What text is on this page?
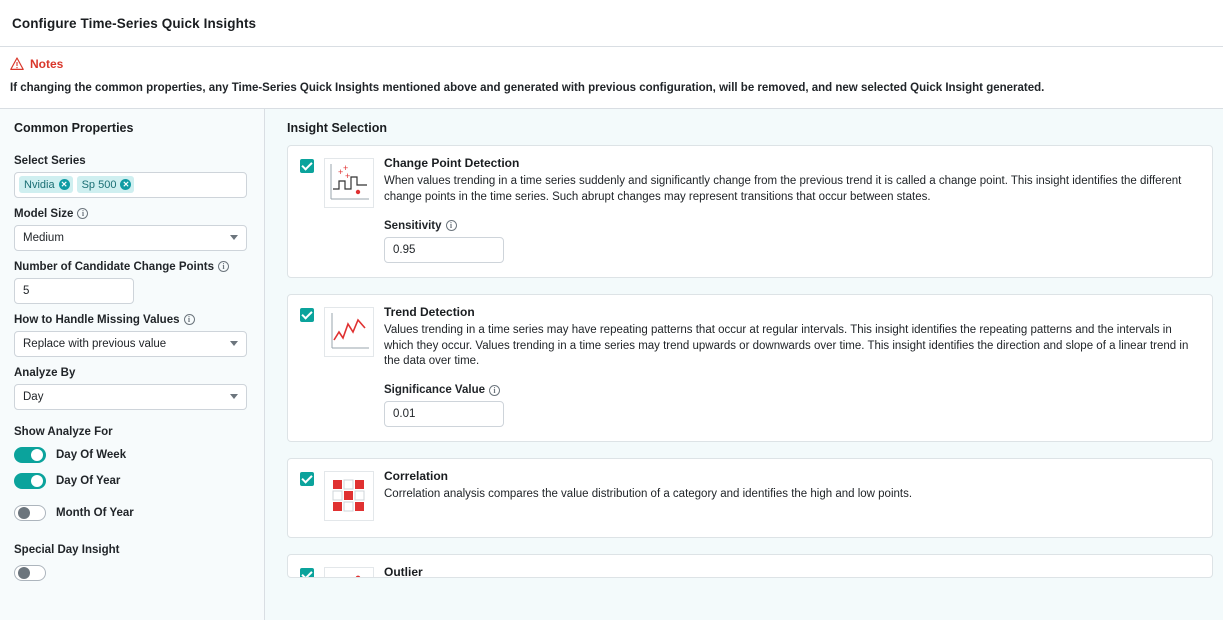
Configure Time-Series Quick Insights
Notes
If changing the common properties, any Time-Series Quick Insights mentioned above and generated with previous configuration, will be removed, and new selected Quick Insight generated.
Common Properties
Select Series
Nvidia ✕ Sp 500 ✕
Model Size	i
Medium
Number of Candidate Change Points	i
5
How to Handle Missing Values	i
Replace with previous value
Analyze By
Day
Show Analyze For
Day Of Week
Day Of Year
Month Of Year
Special Day Insight
Insight Selection
+ +
+
Change Point Detection
When values trending in a time series suddenly and significantly change from the previous trend it is called a change point. This insight identifies the different change points in the time series. Such abrupt changes may represent transitions that occur between states.
Sensitivity	i
0.95
Trend Detection
Values trending in a time series may have repeating patterns that occur at regular intervals. This insight identifies the repeating patterns and the intervals in which they occur. Values trending in a time series may trend upwards or downwards over time. This insight identifies the direction and slope of a linear trend in the data over time.
Significance Value	i
0.01
Correlation
Correlation analysis compares the value distribution of a category and identifies the high and low points.
Outlier
